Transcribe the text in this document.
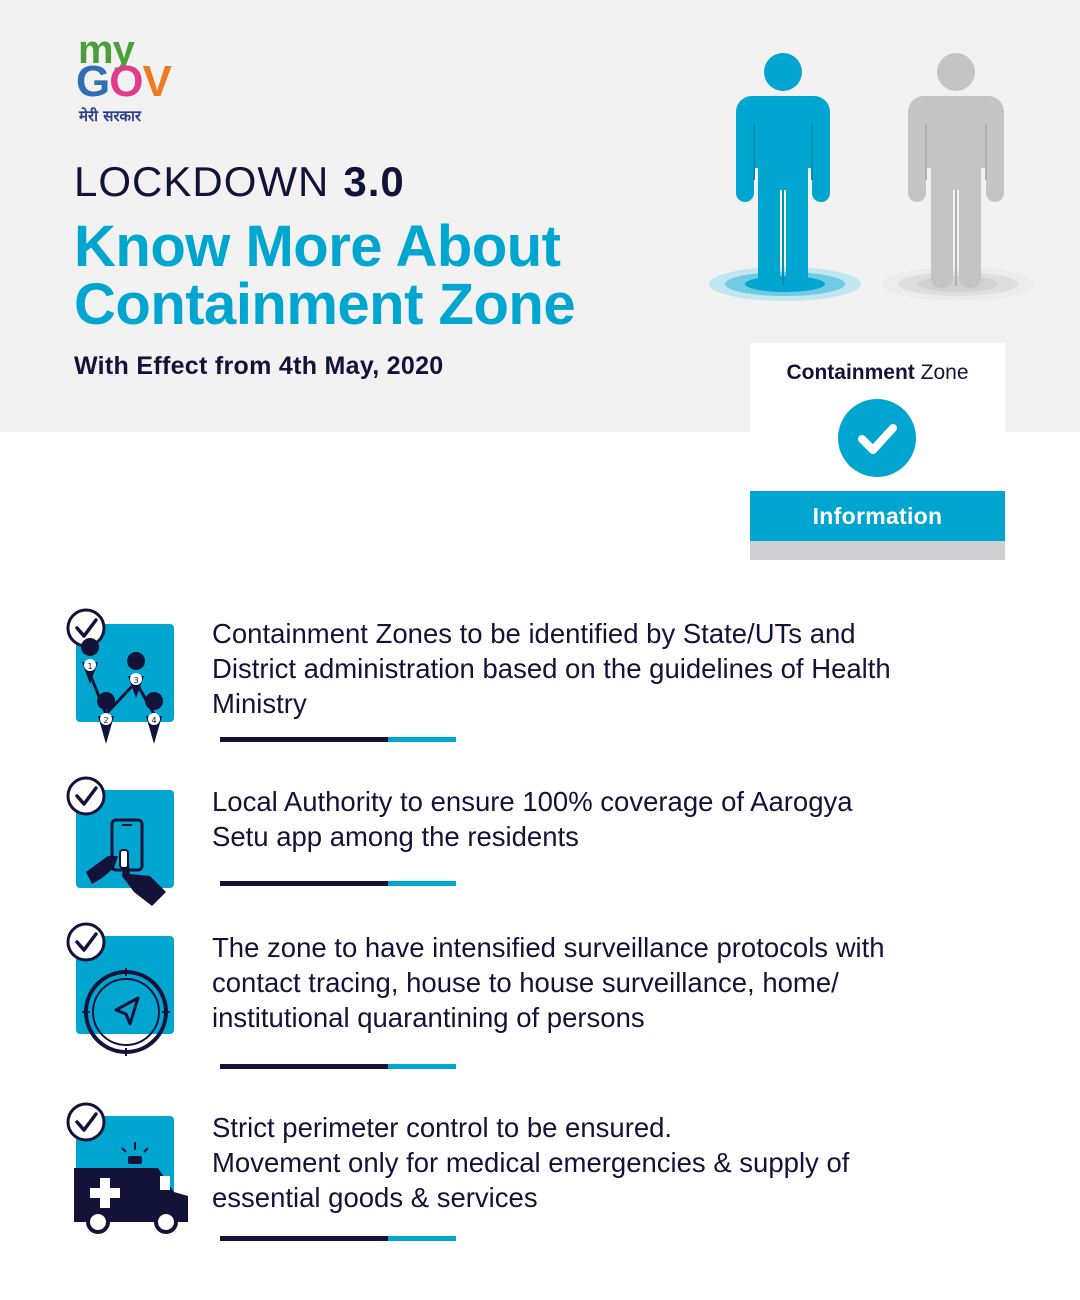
my
GOV
मेरी सरकार
LOCKDOWN 3.0
Know More About
Containment Zone
With Effect from 4th May, 2020	Containment Zone
Information
1
3
2	4
Containment Zones to be identified by State/UTs and
District administration based on the guidelines of Health
Ministry
Local Authority to ensure 100% coverage of Aarogya
Setu app among the residents
The zone to have intensified surveillance protocols with
contact tracing, house to house surveillance, home/
institutional quarantining of persons
Strict perimeter control to be ensured.
Movement only for medical emergencies & supply of
essential goods & services
